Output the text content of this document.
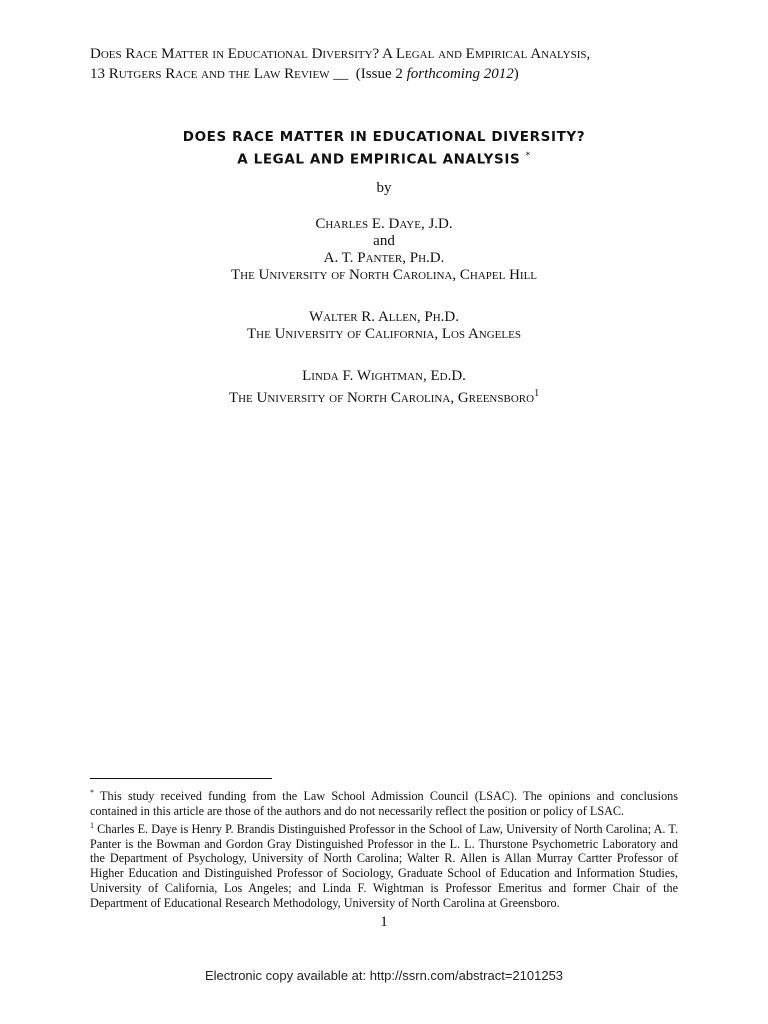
Does Race Matter in Educational Diversity? A Legal and Empirical Analysis,
13 Rutgers Race and the Law Review __  (Issue 2 forthcoming 2012)
DOES RACE MATTER IN EDUCATIONAL DIVERSITY?
A LEGAL AND EMPIRICAL ANALYSIS *
by
Charles E. Daye, J.D.
and
A. T. Panter, Ph.D.
The University of North Carolina, Chapel Hill
Walter R. Allen, Ph.D.
The University of California, Los Angeles
Linda F. Wightman, Ed.D.
The University of North Carolina, Greensboro$^1$

* This study received funding from the Law School Admission Council (LSAC). The opinions and conclusions contained in this article are those of the authors and do not necessarily reflect the position or policy of LSAC.

$^1$ Charles E. Daye is Henry P. Brandis Distinguished Professor in the School of Law, University of North Carolina; A. T. Panter is the Bowman and Gordon Gray Distinguished Professor in the L. L. Thurstone Psychometric Laboratory and the Department of Psychology, University of North Carolina; Walter R. Allen is Allan Murray Cartter Professor of Higher Education and Distinguished Professor of Sociology, Graduate School of Education and Information Studies, University of California, Los Angeles; and Linda F. Wightman is Professor Emeritus and former Chair of the Department of Educational Research Methodology, University of North Carolina at Greensboro.

1
Electronic copy available at: http://ssrn.com/abstract=2101253
